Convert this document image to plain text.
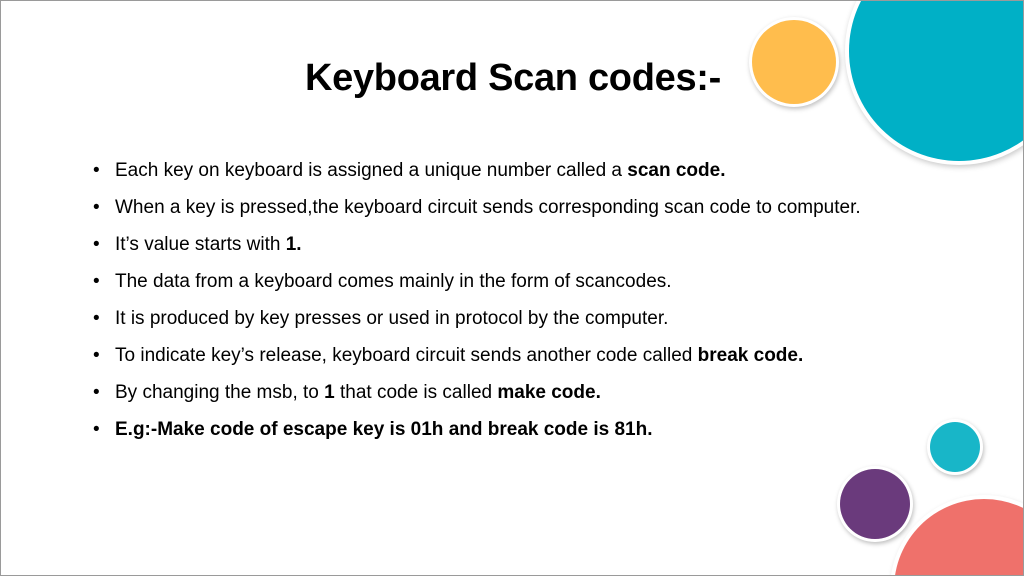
Keyboard Scan codes:-
• Each key on keyboard is assigned a unique number called a scan code.
• When a key is pressed,the keyboard circuit sends corresponding scan code to computer.
• It’s value starts with 1.
• The data from a keyboard comes mainly in the form of scancodes.
• It is produced by key presses or used in protocol by the computer.
• To indicate key’s release, keyboard circuit sends another code called break code.
• By changing the msb, to 1 that code is called make code.
• E.g:-Make code of escape key is 01h and break code is 81h.
